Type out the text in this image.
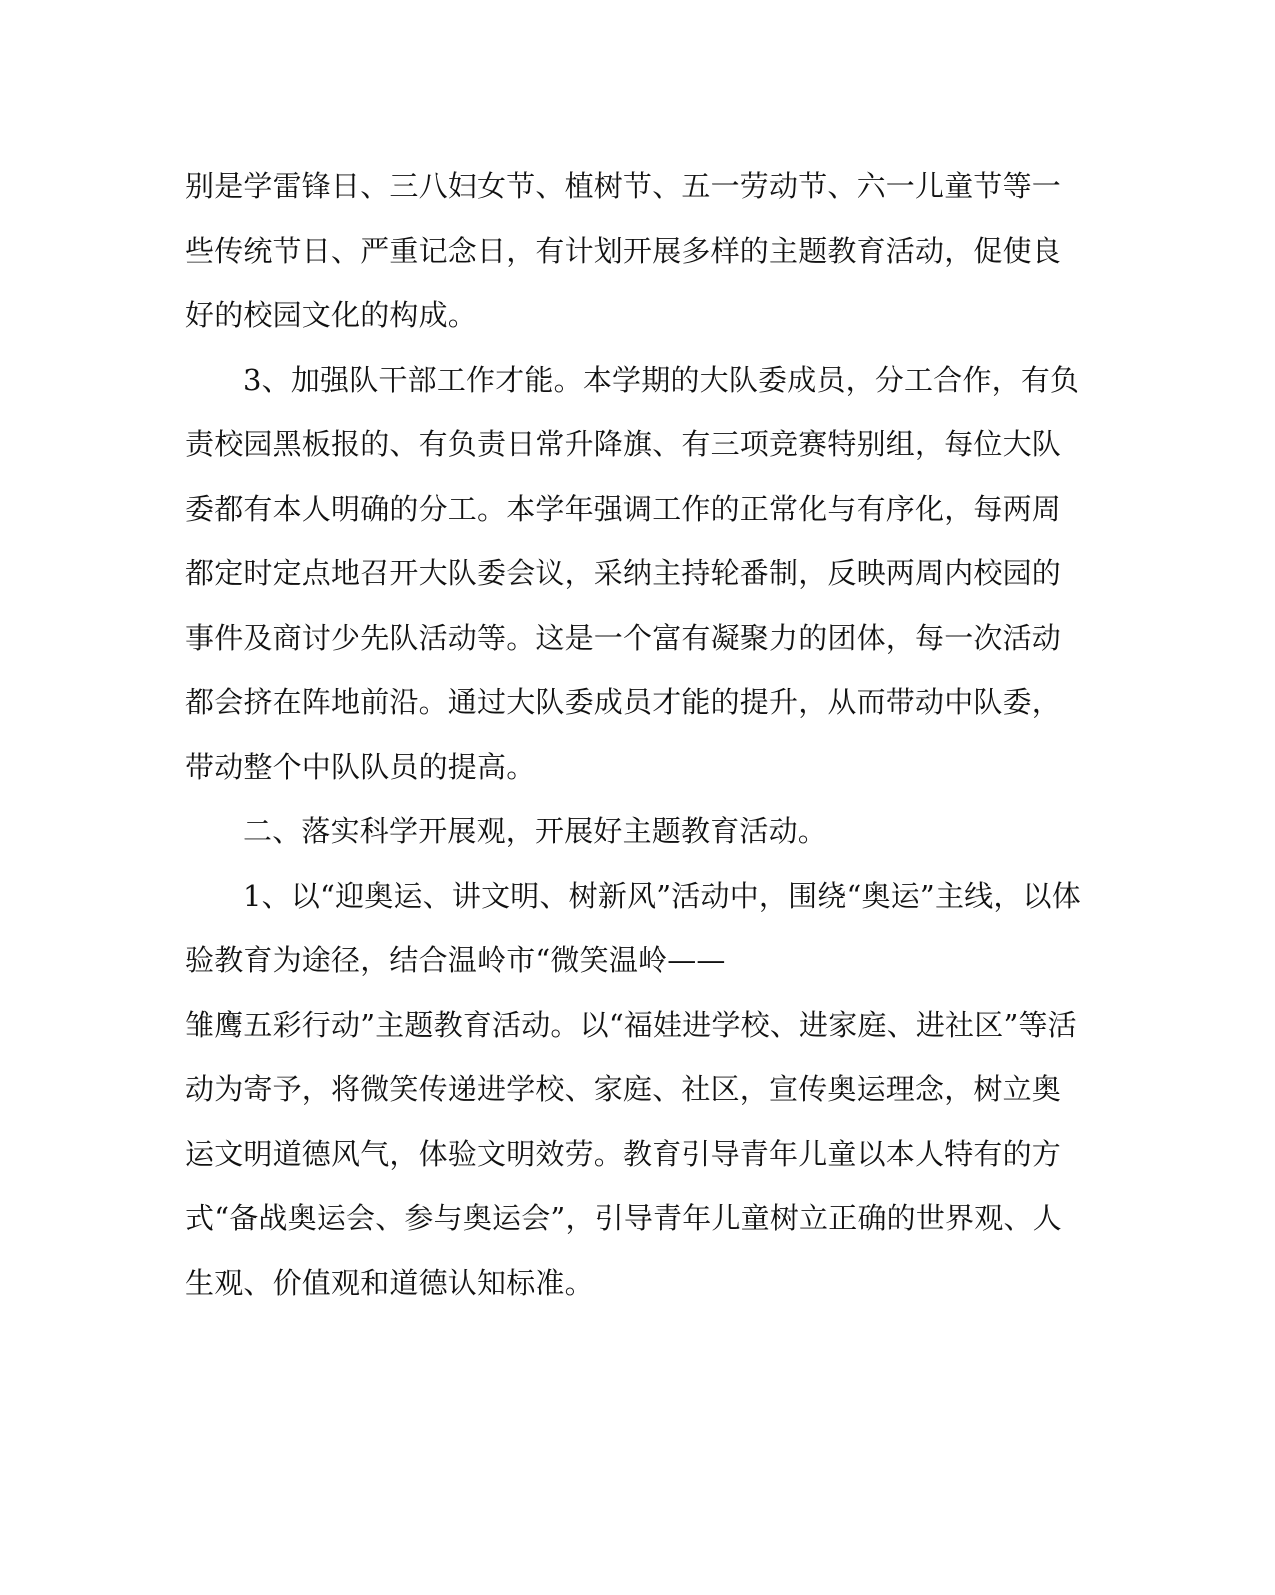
别是学雷锋日、三八妇女节、植树节、五一劳动节、六一儿童节等一
些传统节日、严重记念日，有计划开展多样的主题教育活动，促使良
好的校园文化的构成。
3、加强队干部工作才能。本学期的大队委成员，分工合作，有负
责校园黑板报的、有负责日常升降旗、有三项竞赛特别组，每位大队
委都有本人明确的分工。本学年强调工作的正常化与有序化，每两周
都定时定点地召开大队委会议，采纳主持轮番制，反映两周内校园的
事件及商讨少先队活动等。这是一个富有凝聚力的团体，每一次活动
都会挤在阵地前沿。通过大队委成员才能的提升，从而带动中队委，
带动整个中队队员的提高。
二、落实科学开展观，开展好主题教育活动。
1、以“迎奥运、讲文明、树新风”活动中，围绕“奥运”主线，以体
验教育为途径，结合温岭市“微笑温岭——
雏鹰五彩行动”主题教育活动。以“福娃进学校、进家庭、进社区”等活
动为寄予，将微笑传递进学校、家庭、社区，宣传奥运理念，树立奥
运文明道德风气，体验文明效劳。教育引导青年儿童以本人特有的方
式“备战奥运会、参与奥运会”，引导青年儿童树立正确的世界观、人
生观、价值观和道德认知标准。
